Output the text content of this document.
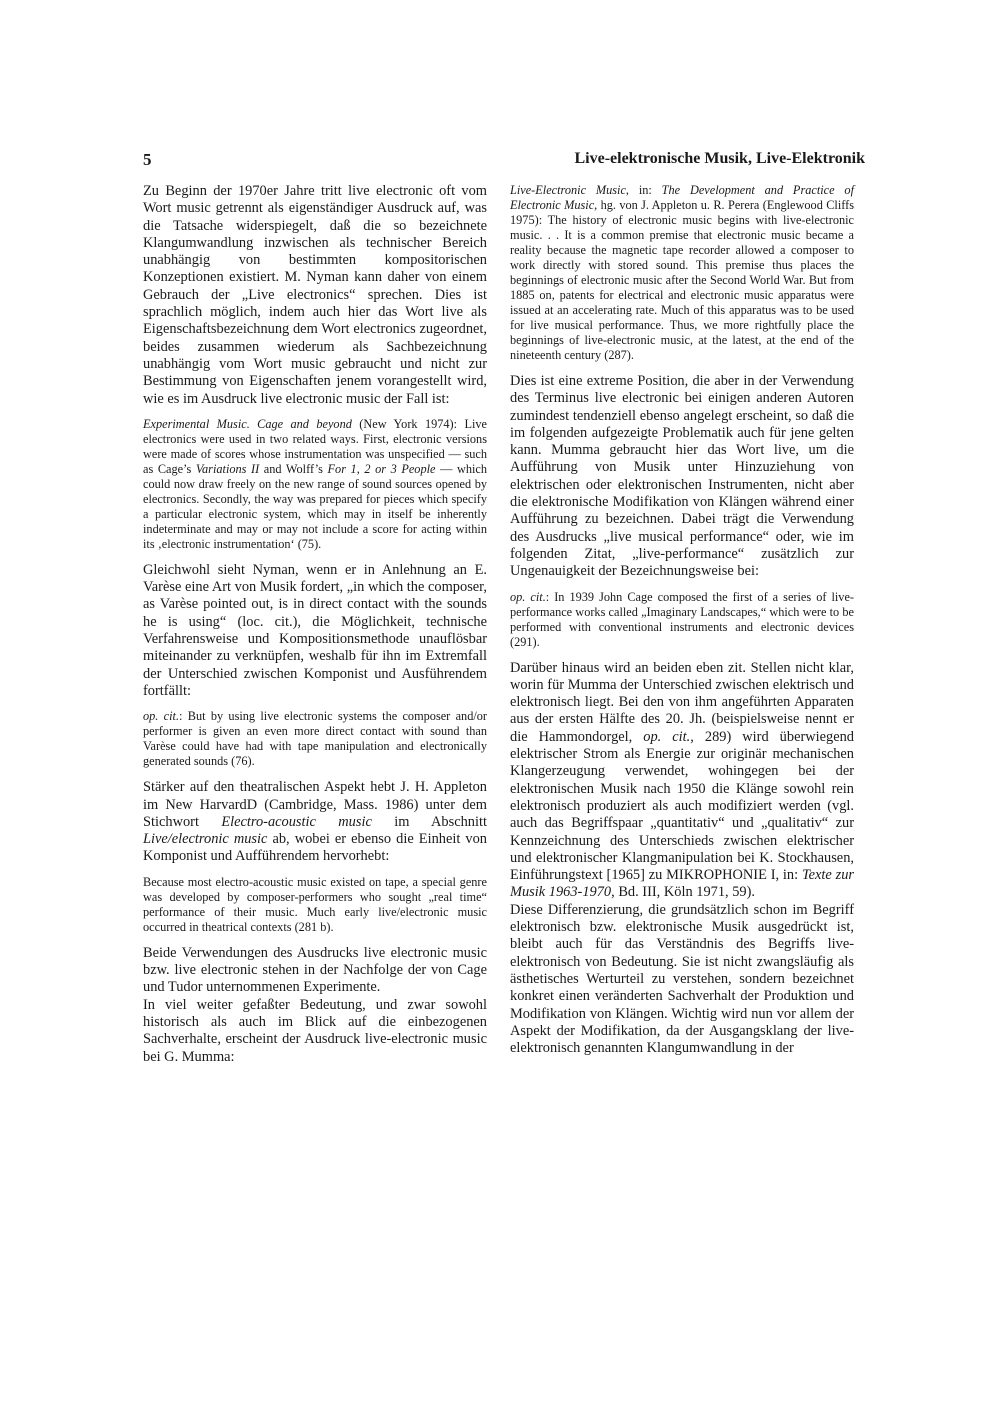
5	Live-elektronische Musik, Live-Elektronik

Zu Beginn der 1970er Jahre tritt live electronic oft vom Wort music getrennt als eigenständiger Ausdruck auf, was die Tatsache widerspiegelt, daß die so bezeichnete Klangumwandlung inzwischen als technischer Bereich unabhängig von bestimmten kompositorischen Konzeptionen existiert. M. Nyman kann daher von einem Gebrauch der „Live electronics“ sprechen. Dies ist sprachlich möglich, indem auch hier das Wort live als Eigenschaftsbezeichnung dem Wort electronics zugeordnet, beides zusammen wiederum als Sachbezeichnung unabhängig vom Wort music gebraucht und nicht zur Bestimmung von Eigenschaften jenem vorangestellt wird, wie es im Ausdruck live electronic music der Fall ist:

Experimental Music. Cage and beyond (New York 1974): Live electronics were used in two related ways. First, electronic versions were made of scores whose instrumentation was unspecified — such as Cage’s Variations II and Wolff’s For 1, 2 or 3 People — which could now draw freely on the new range of sound sources opened by electronics. Secondly, the way was prepared for pieces which specify a particular electronic system, which may in itself be inherently indeterminate and may or may not include a score for acting within its ‚electronic instrumentation‘ (75).

Gleichwohl sieht Nyman, wenn er in Anlehnung an E. Varèse eine Art von Musik fordert, „in which the composer, as Varèse pointed out, is in direct contact with the sounds he is using“ (loc. cit.), die Möglichkeit, technische Verfahrensweise und Kompositionsmethode unauflösbar miteinander zu verknüpfen, weshalb für ihn im Extremfall der Unterschied zwischen Komponist und Ausführendem fortfällt:

op. cit.: But by using live electronic systems the composer and/or performer is given an even more direct contact with sound than Varèse could have had with tape manipulation and electronically generated sounds (76).

Stärker auf den theatralischen Aspekt hebt J. H. Appleton im New HarvardD (Cambridge, Mass. 1986) unter dem Stichwort Electro-acoustic music im Abschnitt Live/electronic music ab, wobei er ebenso die Einheit von Komponist und Aufführendem hervorhebt:

Because most electro-acoustic music existed on tape, a special genre was developed by composer-performers who sought „real time“ performance of their music. Much early live/electronic music occurred in theatrical contexts (281 b).

Beide Verwendungen des Ausdrucks live electronic music bzw. live electronic stehen in der Nachfolge der von Cage und Tudor unternommenen Experimente.

In viel weiter gefaßter Bedeutung, und zwar sowohl historisch als auch im Blick auf die einbezogenen Sachverhalte, erscheint der Ausdruck live-electronic music bei G. Mumma:

Live-Electronic Music, in: The Development and Practice of Electronic Music, hg. von J. Appleton u. R. Perera (Englewood Cliffs 1975): The history of electronic music begins with live-electronic music. . . It is a common premise that electronic music became a reality because the magnetic tape recorder allowed a composer to work directly with stored sound. This premise thus places the beginnings of electronic music after the Second World War. But from 1885 on, patents for electrical and electronic music apparatus were issued at an accelerating rate. Much of this apparatus was to be used for live musical performance. Thus, we more rightfully place the beginnings of live-electronic music, at the latest, at the end of the nineteenth century (287).

Dies ist eine extreme Position, die aber in der Verwendung des Terminus live electronic bei einigen anderen Autoren zumindest tendenziell ebenso angelegt erscheint, so daß die im folgenden aufgezeigte Problematik auch für jene gelten kann. Mumma gebraucht hier das Wort live, um die Aufführung von Musik unter Hinzuziehung von elektrischen oder elektronischen Instrumenten, nicht aber die elektronische Modifikation von Klängen während einer Aufführung zu bezeichnen. Dabei trägt die Verwendung des Ausdrucks „live musical performance“ oder, wie im folgenden Zitat, „live-performance“ zusätzlich zur Ungenauigkeit der Bezeichnungsweise bei:

op. cit.: In 1939 John Cage composed the first of a series of live-performance works called „Imaginary Landscapes,“ which were to be performed with conventional instruments and electronic devices (291).

Darüber hinaus wird an beiden eben zit. Stellen nicht klar, worin für Mumma der Unterschied zwischen elektrisch und elektronisch liegt. Bei den von ihm angeführten Apparaten aus der ersten Hälfte des 20. Jh. (beispielsweise nennt er die Hammondorgel, op. cit., 289) wird überwiegend elektrischer Strom als Energie zur originär mechanischen Klangerzeugung verwendet, wohingegen bei der elektronischen Musik nach 1950 die Klänge sowohl rein elektronisch produziert als auch modifiziert werden (vgl. auch das Begriffspaar „quantitativ“ und „qualitativ“ zur Kennzeichnung des Unterschieds zwischen elektrischer und elektronischer Klangmanipulation bei K. Stockhausen, Einführungstext [1965] zu MIKROPHONIE I, in: Texte zur Musik 1963-1970, Bd. III, Köln 1971, 59).

Diese Differenzierung, die grundsätzlich schon im Begriff elektronisch bzw. elektronische Musik ausgedrückt ist, bleibt auch für das Verständnis des Begriffs live-elektronisch von Bedeutung. Sie ist nicht zwangsläufig als ästhetisches Werturteil zu verstehen, sondern bezeichnet konkret einen veränderten Sachverhalt der Produktion und Modifikation von Klängen. Wichtig wird nun vor allem der Aspekt der Modifikation, da der Ausgangsklang der live-elektronisch genannten Klangumwandlung in der
